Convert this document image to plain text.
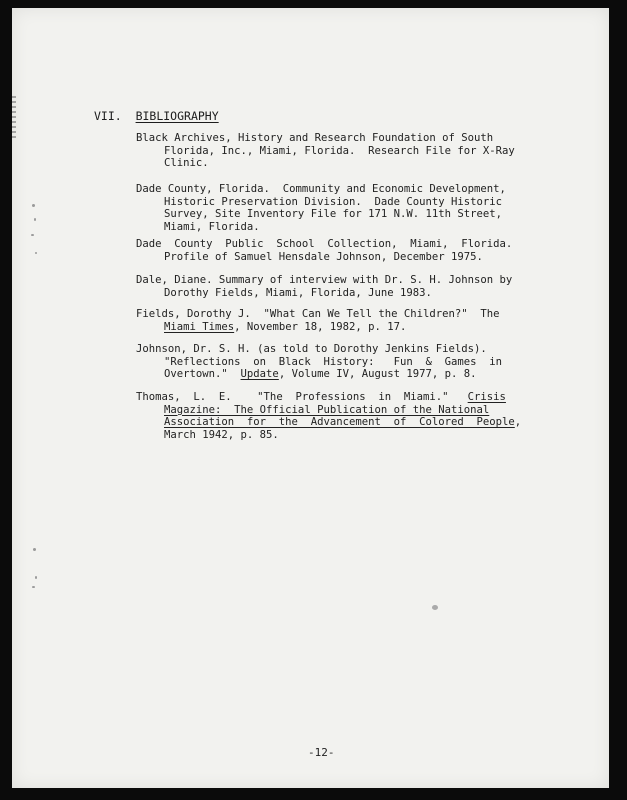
VII. BIBLIOGRAPHY
Black Archives, History and Research Foundation of South
Florida, Inc., Miami, Florida.  Research File for X-Ray
Clinic.
Dade County, Florida.  Community and Economic Development,
Historic Preservation Division.  Dade County Historic
Survey, Site Inventory File for 171 N.W. 11th Street,
Miami, Florida.
Dade  County  Public  School  Collection,  Miami,  Florida.
Profile of Samuel Hensdale Johnson, December 1975.
Dale, Diane. Summary of interview with Dr. S. H. Johnson by
Dorothy Fields, Miami, Florida, June 1983.
Fields, Dorothy J.  "What Can We Tell the Children?"  The
Miami Times, November 18, 1982, p. 17.
Johnson, Dr. S. H. (as told to Dorothy Jenkins Fields).
"Reflections  on  Black  History:   Fun  &  Games  in
Overtown."  Update, Volume IV, August 1977, p. 8.
Thomas,  L.  E.    "The  Professions  in  Miami."   Crisis
Magazine:  The Official Publication of the National
Association  for  the  Advancement  of  Colored  People,
March 1942, p. 85.
-12-
